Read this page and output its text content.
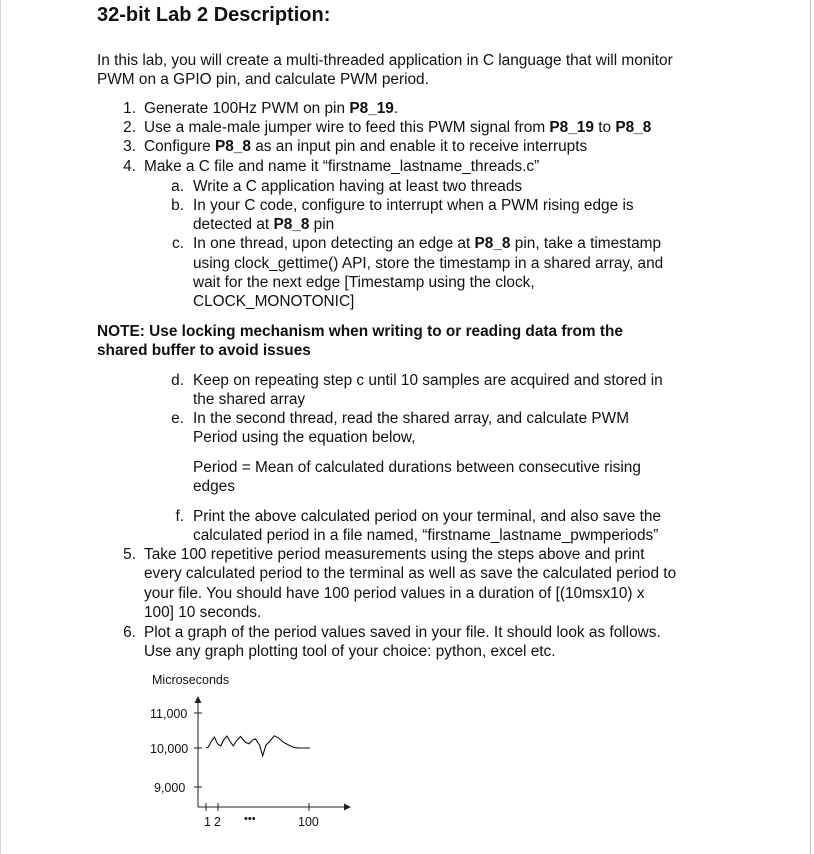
32-bit Lab 2 Description:
In this lab, you will create a multi-threaded application in C language that will monitor
PWM on a GPIO pin, and calculate PWM period.
1. Generate 100Hz PWM on pin P8_19.
2. Use a male-male jumper wire to feed this PWM signal from P8_19 to P8_8
3. Configure P8_8 as an input pin and enable it to receive interrupts
4. Make a C file and name it “firstname_lastname_threads.c”
a. Write a C application having at least two threads
b. In your C code, configure to interrupt when a PWM rising edge is
detected at P8_8 pin
c. In one thread, upon detecting an edge at P8_8 pin, take a timestamp
using clock_gettime() API, store the timestamp in a shared array, and
wait for the next edge [Timestamp using the clock,
CLOCK_MONOTONIC]
NOTE: Use locking mechanism when writing to or reading data from the
shared buffer to avoid issues
d. Keep on repeating step c until 10 samples are acquired and stored in
the shared array
e. In the second thread, read the shared array, and calculate PWM
Period using the equation below,
Period = Mean of calculated durations between consecutive rising
edges
f. Print the above calculated period on your terminal, and also save the
calculated period in a file named, “firstname_lastname_pwmperiods”
5. Take 100 repetitive period measurements using the steps above and print
every calculated period to the terminal as well as save the calculated period to
your file. You should have 100 period values in a duration of [(10msx10) x
100] 10 seconds.
6. Plot a graph of the period values saved in your file. It should look as follows.
Use any graph plotting tool of your choice: python, excel etc.
Microseconds
11,000
10,000
9,000
1 2 •••	100
